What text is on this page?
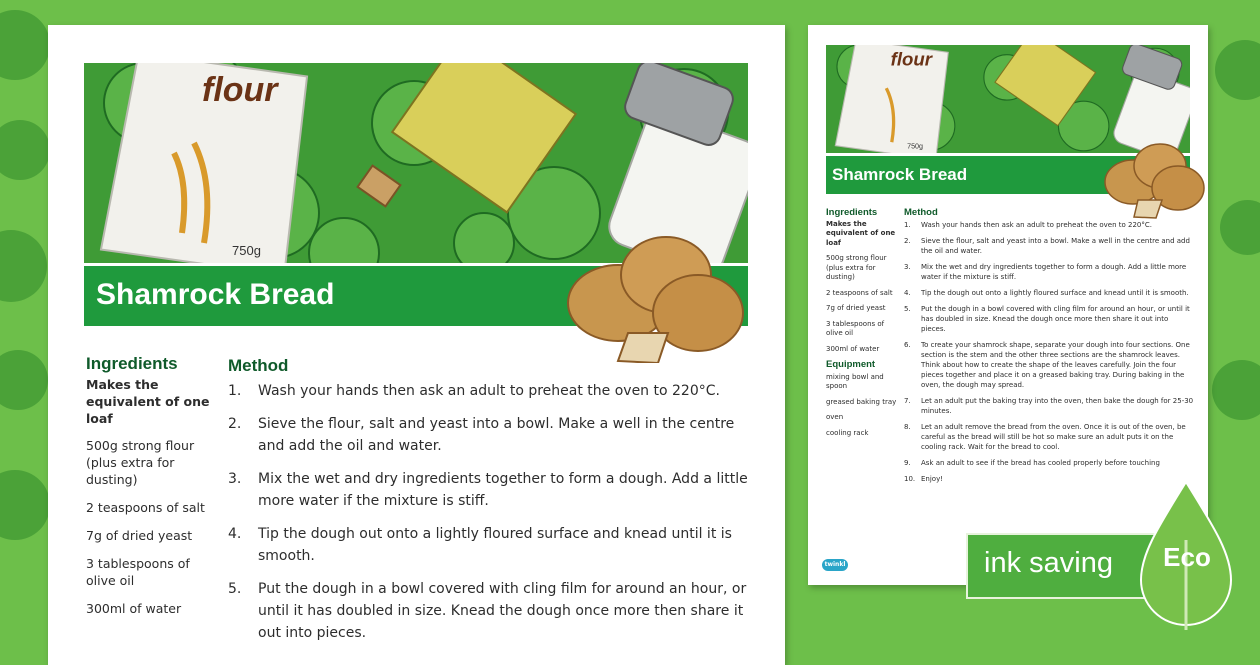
flour
750g
Shamrock Bread
Ingredients
Makes the equivalent of one loaf

500g strong flour (plus extra for dusting)

2 teaspoons of salt

7g of dried yeast

3 tablespoons of olive oil

300ml of water

Method
1. Wash your hands then ask an adult to preheat the oven to 220°C.
2. Sieve the flour, salt and yeast into a bowl. Make a well in the centre and add the oil and water.
3. Mix the wet and dry ingredients together to form a dough. Add a little more water if the mixture is stiff.
4. Tip the dough out onto a lightly floured surface and knead until it is smooth.
5. Put the dough in a bowl covered with cling film for around an hour, or until it has doubled in size. Knead the dough once more then share it out into pieces.
flour
750g
Shamrock Bread
Ingredients
Makes the equivalent of one loaf

500g strong flour (plus extra for dusting)

2 teaspoons of salt

7g of dried yeast

3 tablespoons of olive oil

300ml of water

Equipment

mixing bowl and spoon

greased baking tray

oven

cooling rack

Method
1. Wash your hands then ask an adult to preheat the oven to 220°C.
2. Sieve the flour, salt and yeast into a bowl. Make a well in the centre and add the oil and water.
3. Mix the wet and dry ingredients together to form a dough. Add a little more water if the mixture is stiff.
4. Tip the dough out onto a lightly floured surface and knead until it is smooth.
5. Put the dough in a bowl covered with cling film for around an hour, or until it has doubled in size. Knead the dough once more then share it out into pieces.
6. To create your shamrock shape, separate your dough into four sections. One section is the stem and the other three sections are the shamrock leaves. Think about how to create the shape of the leaves carefully. Join the four pieces together and place it on a greased baking tray. During baking in the oven, the dough may spread.
7. Let an adult put the baking tray into the oven, then bake the dough for 25-30 minutes.
8. Let an adult remove the bread from the oven. Once it is out of the oven, be careful as the bread will still be hot so make sure an adult puts it on the cooling rack. Wait for the bread to cool.
9. Ask an adult to see if the bread has cooled properly before touching
10. Enjoy!
twinkl	ink saving	Eco
